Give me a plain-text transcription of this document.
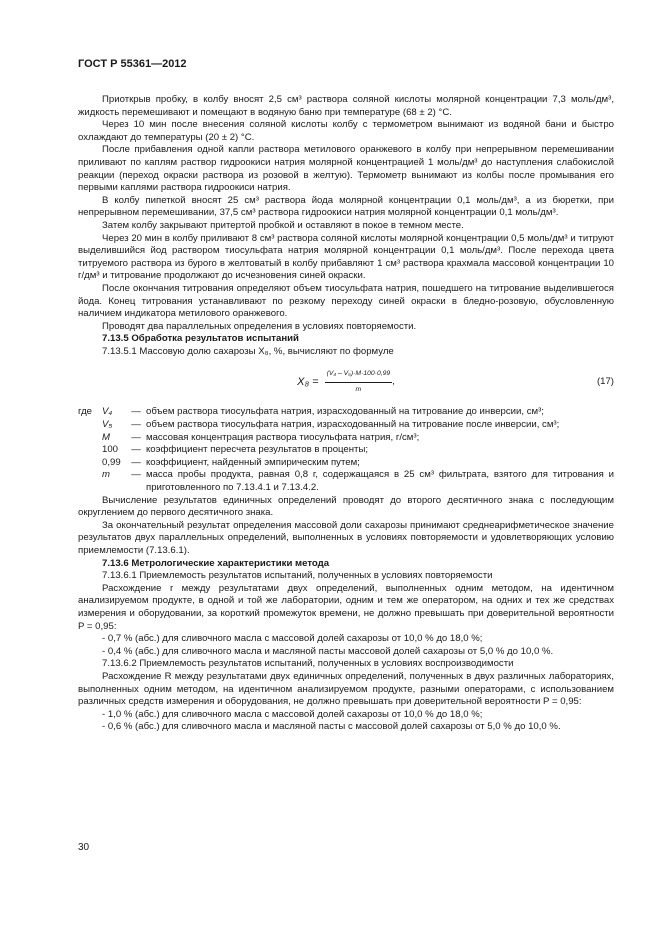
ГОСТ Р 55361—2012

Приоткрыв пробку, в колбу вносят 2,5 см³ раствора соляной кислоты молярной концентрации 7,3 моль/дм³, жидкость перемешивают и помещают в водяную баню при температуре (68 ± 2) °C.

Через 10 мин после внесения соляной кислоты колбу с термометром вынимают из водяной бани и быстро охлаждают до температуры (20 ± 2) °C.

После прибавления одной капли раствора метилового оранжевого в колбу при непрерывном перемешивании приливают по каплям раствор гидроокиси натрия молярной концентрацией 1 моль/дм³ до наступления слабокислой реакции (переход окраски раствора из розовой в желтую). Термометр вынимают из колбы после промывания его первыми каплями раствора гидроокиси натрия.

В колбу пипеткой вносят 25 см³ раствора йода молярной концентрации 0,1 моль/дм³, а из бюретки, при непрерывном перемешивании, 37,5 см³ раствора гидроокиси натрия молярной концентрации 0,1 моль/дм³.

Затем колбу закрывают притертой пробкой и оставляют в покое в темном месте.

Через 20 мин в колбу приливают 8 см³ раствора соляной кислоты молярной концентрации 0,5 моль/дм³ и титруют выделившийся йод раствором тиосульфата натрия молярной концентрации 0,1 моль/дм³. После перехода цвета титруемого раствора из бурого в желтоватый в колбу прибавляют 1 см³ раствора крахмала массовой концентрации 10 г/дм³ и титрование продолжают до исчезновения синей окраски.

После окончания титрования определяют объем тиосульфата натрия, пошедшего на титрование выделившегося йода. Конец титрования устанавливают по резкому переходу синей окраски в бледно-розовую, обусловленную наличием индикатора метилового оранжевого.

Проводят два параллельных определения в условиях повторяемости.

7.13.5 Обработка результатов испытаний

7.13.5.1 Массовую долю сахарозы X₈, %, вычисляют по формуле

$X_8 = \frac{\text{(V₄ – V₅)·M·100·0,99}}{m}$ ,	(17)
где	V₄	— объем раствора тиосульфата натрия, израсходованный на титрование до инверсии, см³;
V₅	— объем раствора тиосульфата натрия, израсходованный на титрование после инверсии, см³;
M	— массовая концентрация раствора тиосульфата натрия, г/см³;
100	— коэффициент пересчета результатов в проценты;
0,99	— коэффициент, найденный эмпирическим путем;
m	— масса пробы продукта, равная 0,8 г, содержащаяся в 25 см³ фильтрата, взятого для титрования и приготовленного по 7.13.4.1 и 7.13.4.2.

Вычисление результатов единичных определений проводят до второго десятичного знака с последующим округлением до первого десятичного знака.

За окончательный результат определения массовой доли сахарозы принимают среднеарифметическое значение результатов двух параллельных определений, выполненных в условиях повторяемости и удовлетворяющих условию приемлемости (7.13.6.1).

7.13.6 Метрологические характеристики метода

7.13.6.1 Приемлемость результатов испытаний, полученных в условиях повторяемости

Расхождение r между результатами двух определений, выполненных одним методом, на идентичном анализируемом продукте, в одной и той же лаборатории, одним и тем же оператором, на одних и тех же средствах измерения и оборудовании, за короткий промежуток времени, не должно превышать при доверительной вероятности P = 0,95:

- 0,7 % (абс.) для сливочного масла с массовой долей сахарозы от 10,0 % до 18,0 %;

- 0,4 % (абс.) для сливочного масла и масляной пасты массовой долей сахарозы от 5,0 % до 10,0 %.

7.13.6.2 Приемлемость результатов испытаний, полученных в условиях воспроизводимости

Расхождение R между результатами двух единичных определений, полученных в двух различных лабораториях, выполненных одним методом, на идентичном анализируемом продукте, разными операторами, с использованием различных средств измерения и оборудования, не должно превышать при доверительной вероятности P = 0,95:

- 1,0 % (абс.) для сливочного масла с массовой долей сахарозы от 10,0 % до 18,0 %;

- 0,6 % (абс.) для сливочного масла и масляной пасты с массовой долей сахарозы от 5,0 % до 10,0 %.

30
